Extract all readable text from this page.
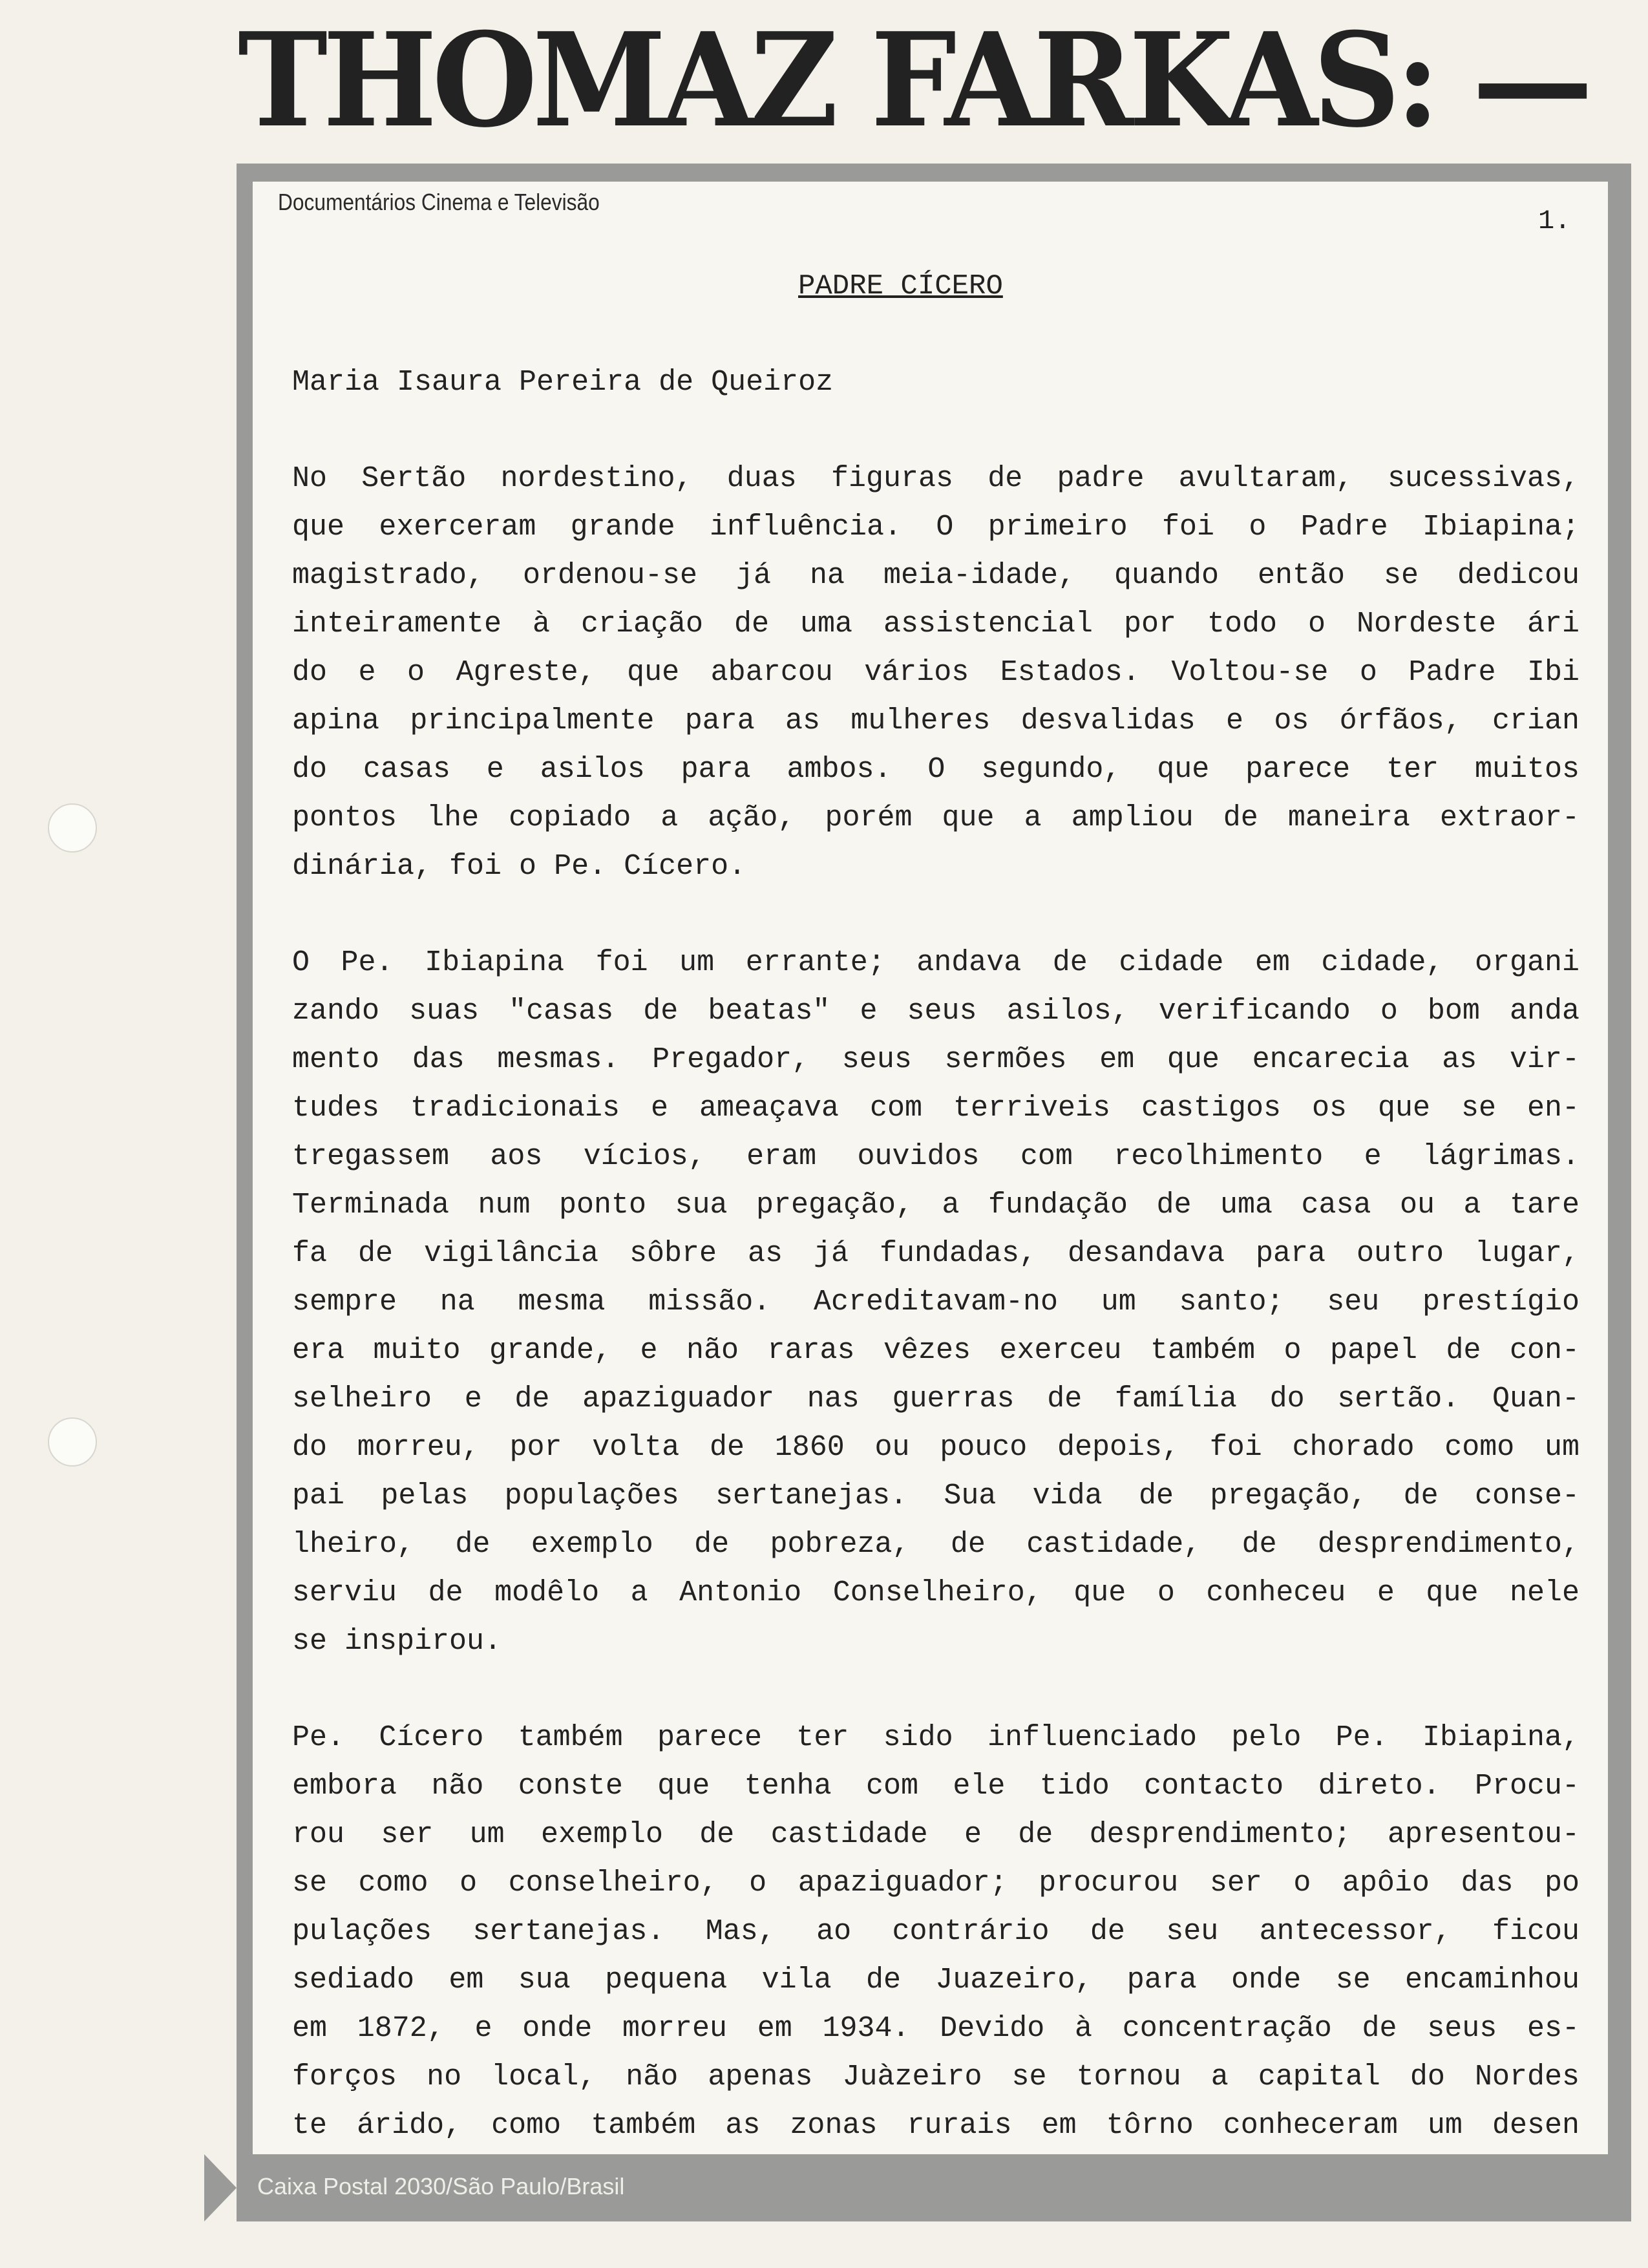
THOMAZ FARKAS: —
Documentários Cinema e Televisão
1.
PADRE CÍCERO
Maria Isaura Pereira de Queiroz
No Sertão nordestino, duas figuras de padre avultaram, sucessivas,
que exerceram grande influência. O primeiro foi o Padre Ibiapina;
magistrado, ordenou-se já na meia-idade, quando então se dedicou
inteiramente à criação de uma assistencial por todo o Nordeste ári
do e o Agreste, que abarcou vários Estados. Voltou-se o Padre Ibi
apina principalmente para as mulheres desvalidas e os órfãos, crian
do casas e asilos para ambos. O segundo, que parece ter muitos
pontos lhe copiado a ação, porém que a ampliou de maneira extraor-
dinária, foi o Pe. Cícero.
O Pe. Ibiapina foi um errante; andava de cidade em cidade, organi
zando suas "casas de beatas" e seus asilos, verificando o bom anda
mento das mesmas. Pregador, seus sermões em que encarecia as vir-
tudes tradicionais e ameaçava com terriveis castigos os que se en-
tregassem aos vícios, eram ouvidos com recolhimento e lágrimas.
Terminada num ponto sua pregação, a fundação de uma casa ou a tare
fa de vigilância sôbre as já fundadas, desandava para outro lugar,
sempre na mesma missão. Acreditavam-no um santo; seu prestígio
era muito grande, e não raras vêzes exerceu também o papel de con-
selheiro e de apaziguador nas guerras de família do sertão. Quan-
do morreu, por volta de 1860 ou pouco depois, foi chorado como um
pai pelas populações sertanejas. Sua vida de pregação, de conse-
lheiro, de exemplo de pobreza, de castidade, de desprendimento,
serviu de modêlo a Antonio Conselheiro, que o conheceu e que nele
se inspirou.
Pe. Cícero também parece ter sido influenciado pelo Pe. Ibiapina,
embora não conste que tenha com ele tido contacto direto. Procu-
rou ser um exemplo de castidade e de desprendimento; apresentou-
se como o conselheiro, o apaziguador; procurou ser o apôio das po
pulações sertanejas. Mas, ao contrário de seu antecessor, ficou
sediado em sua pequena vila de Juazeiro, para onde se encaminhou
em 1872, e onde morreu em 1934. Devido à concentração de seus es-
forços no local, não apenas Juàzeiro se tornou a capital do Nordes
te árido, como também as zonas rurais em tôrno conheceram um desen
Caixa Postal 2030/São Paulo/Brasil
